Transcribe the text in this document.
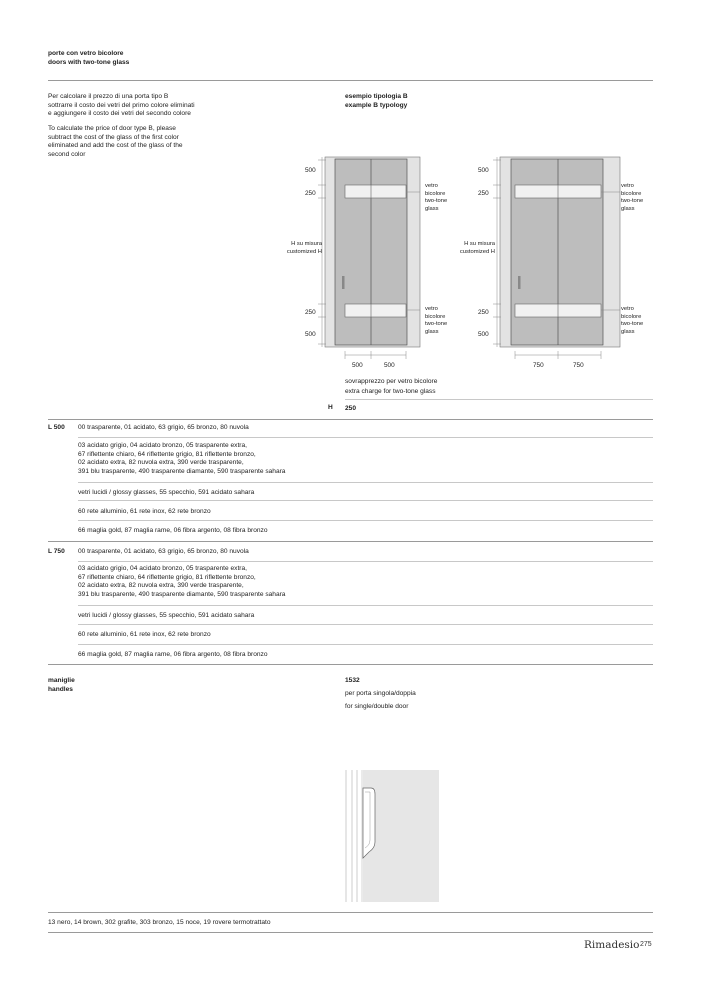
porte con vetro bicolore
doors with two-tone glass
Per calcolare il prezzo di una porta tipo B
sottrarre il costo dei vetri del primo colore eliminati
e aggiungere il costo dei vetri del secondo colore
To calculate the price of door type B, please
subtract the cost of the glass of the first color
eliminated and add the cost of the glass of the
second color
esempio tipologia B
example B typology
500
250
250
500
H su misura
customized H
vetro
bicolore
two-tone
glass
vetro
bicolore
two-tone
glass
500	500
500
250
250
500
H su misura
customized H
vetro
bicolore
two-tone
glass
vetro
bicolore
two-tone
glass
750	750
sovrapprezzo per vetro bicolore
extra charge for two-tone glass
H 250
L 500 00 trasparente, 01 acidato, 63 grigio, 65 bronzo, 80 nuvola
03 acidato grigio, 04 acidato bronzo, 05 trasparente extra,
67 riflettente chiaro, 64 riflettente grigio, 81 riflettente bronzo,
02 acidato extra, 82 nuvola extra, 390 verde trasparente,
391 blu trasparente, 490 trasparente diamante, 590 trasparente sahara
vetri lucidi / glossy glasses, 55 specchio, 591 acidato sahara
60 rete alluminio, 61 rete inox, 62 rete bronzo
66 maglia gold, 87 maglia rame, 06 fibra argento, 08 fibra bronzo
L 750 00 trasparente, 01 acidato, 63 grigio, 65 bronzo, 80 nuvola
03 acidato grigio, 04 acidato bronzo, 05 trasparente extra,
67 riflettente chiaro, 64 riflettente grigio, 81 riflettente bronzo,
02 acidato extra, 82 nuvola extra, 390 verde trasparente,
391 blu trasparente, 490 trasparente diamante, 590 trasparente sahara
vetri lucidi / glossy glasses, 55 specchio, 591 acidato sahara
60 rete alluminio, 61 rete inox, 62 rete bronzo
66 maglia gold, 87 maglia rame, 06 fibra argento, 08 fibra bronzo
maniglie
handles
1532
per porta singola/doppia
for single/double door
13 nero, 14 brown, 302 grafite, 303 bronzo, 15 noce, 19 rovere termotrattato
Rimadesio 275
